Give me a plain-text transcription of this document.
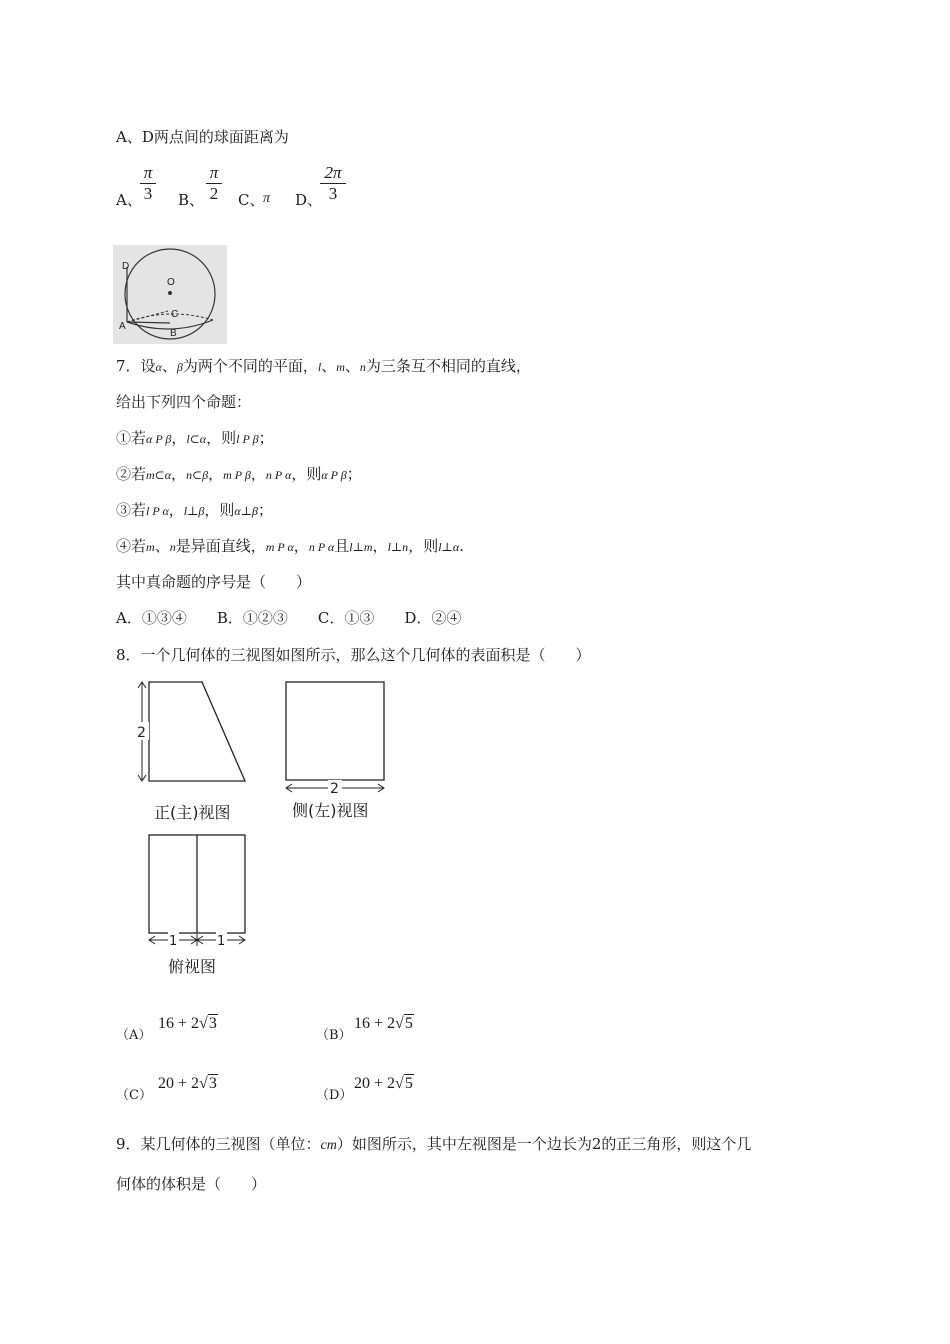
A、D两点间的球面距离为
A、
π
3 B、
π
2 C、
π D、
2π
3
D
O
C
A
B
7．设α、β为两个不同的平面，l、m、n为三条互不相同的直线，
给出下列四个命题：
①若α P β，l⊂α，则l P β；
②若m⊂α，n⊂β，m P β，n P α，则α P β；
③若l P α，l⊥β，则α⊥β；
④若m、n是异面直线，m P α，n P α且l⊥m，l⊥n，则l⊥α.
其中真命题的序号是（　　）
A．①③④　　B．①②③　　C．①③　　D．②④
8．一个几何体的三视图如图所示，那么这个几何体的表面积是（　　）
2
正(主)视图
2
侧(左)视图
1	1
俯视图
（A）
16 + 2√3
（B）
16 + 2√5
（C）
20 + 2√3
（D）
20 + 2√5
9．某几何体的三视图（单位：cm）如图所示，其中左视图是一个边长为2的正三角形，则这个几
何体的体积是（　　）
